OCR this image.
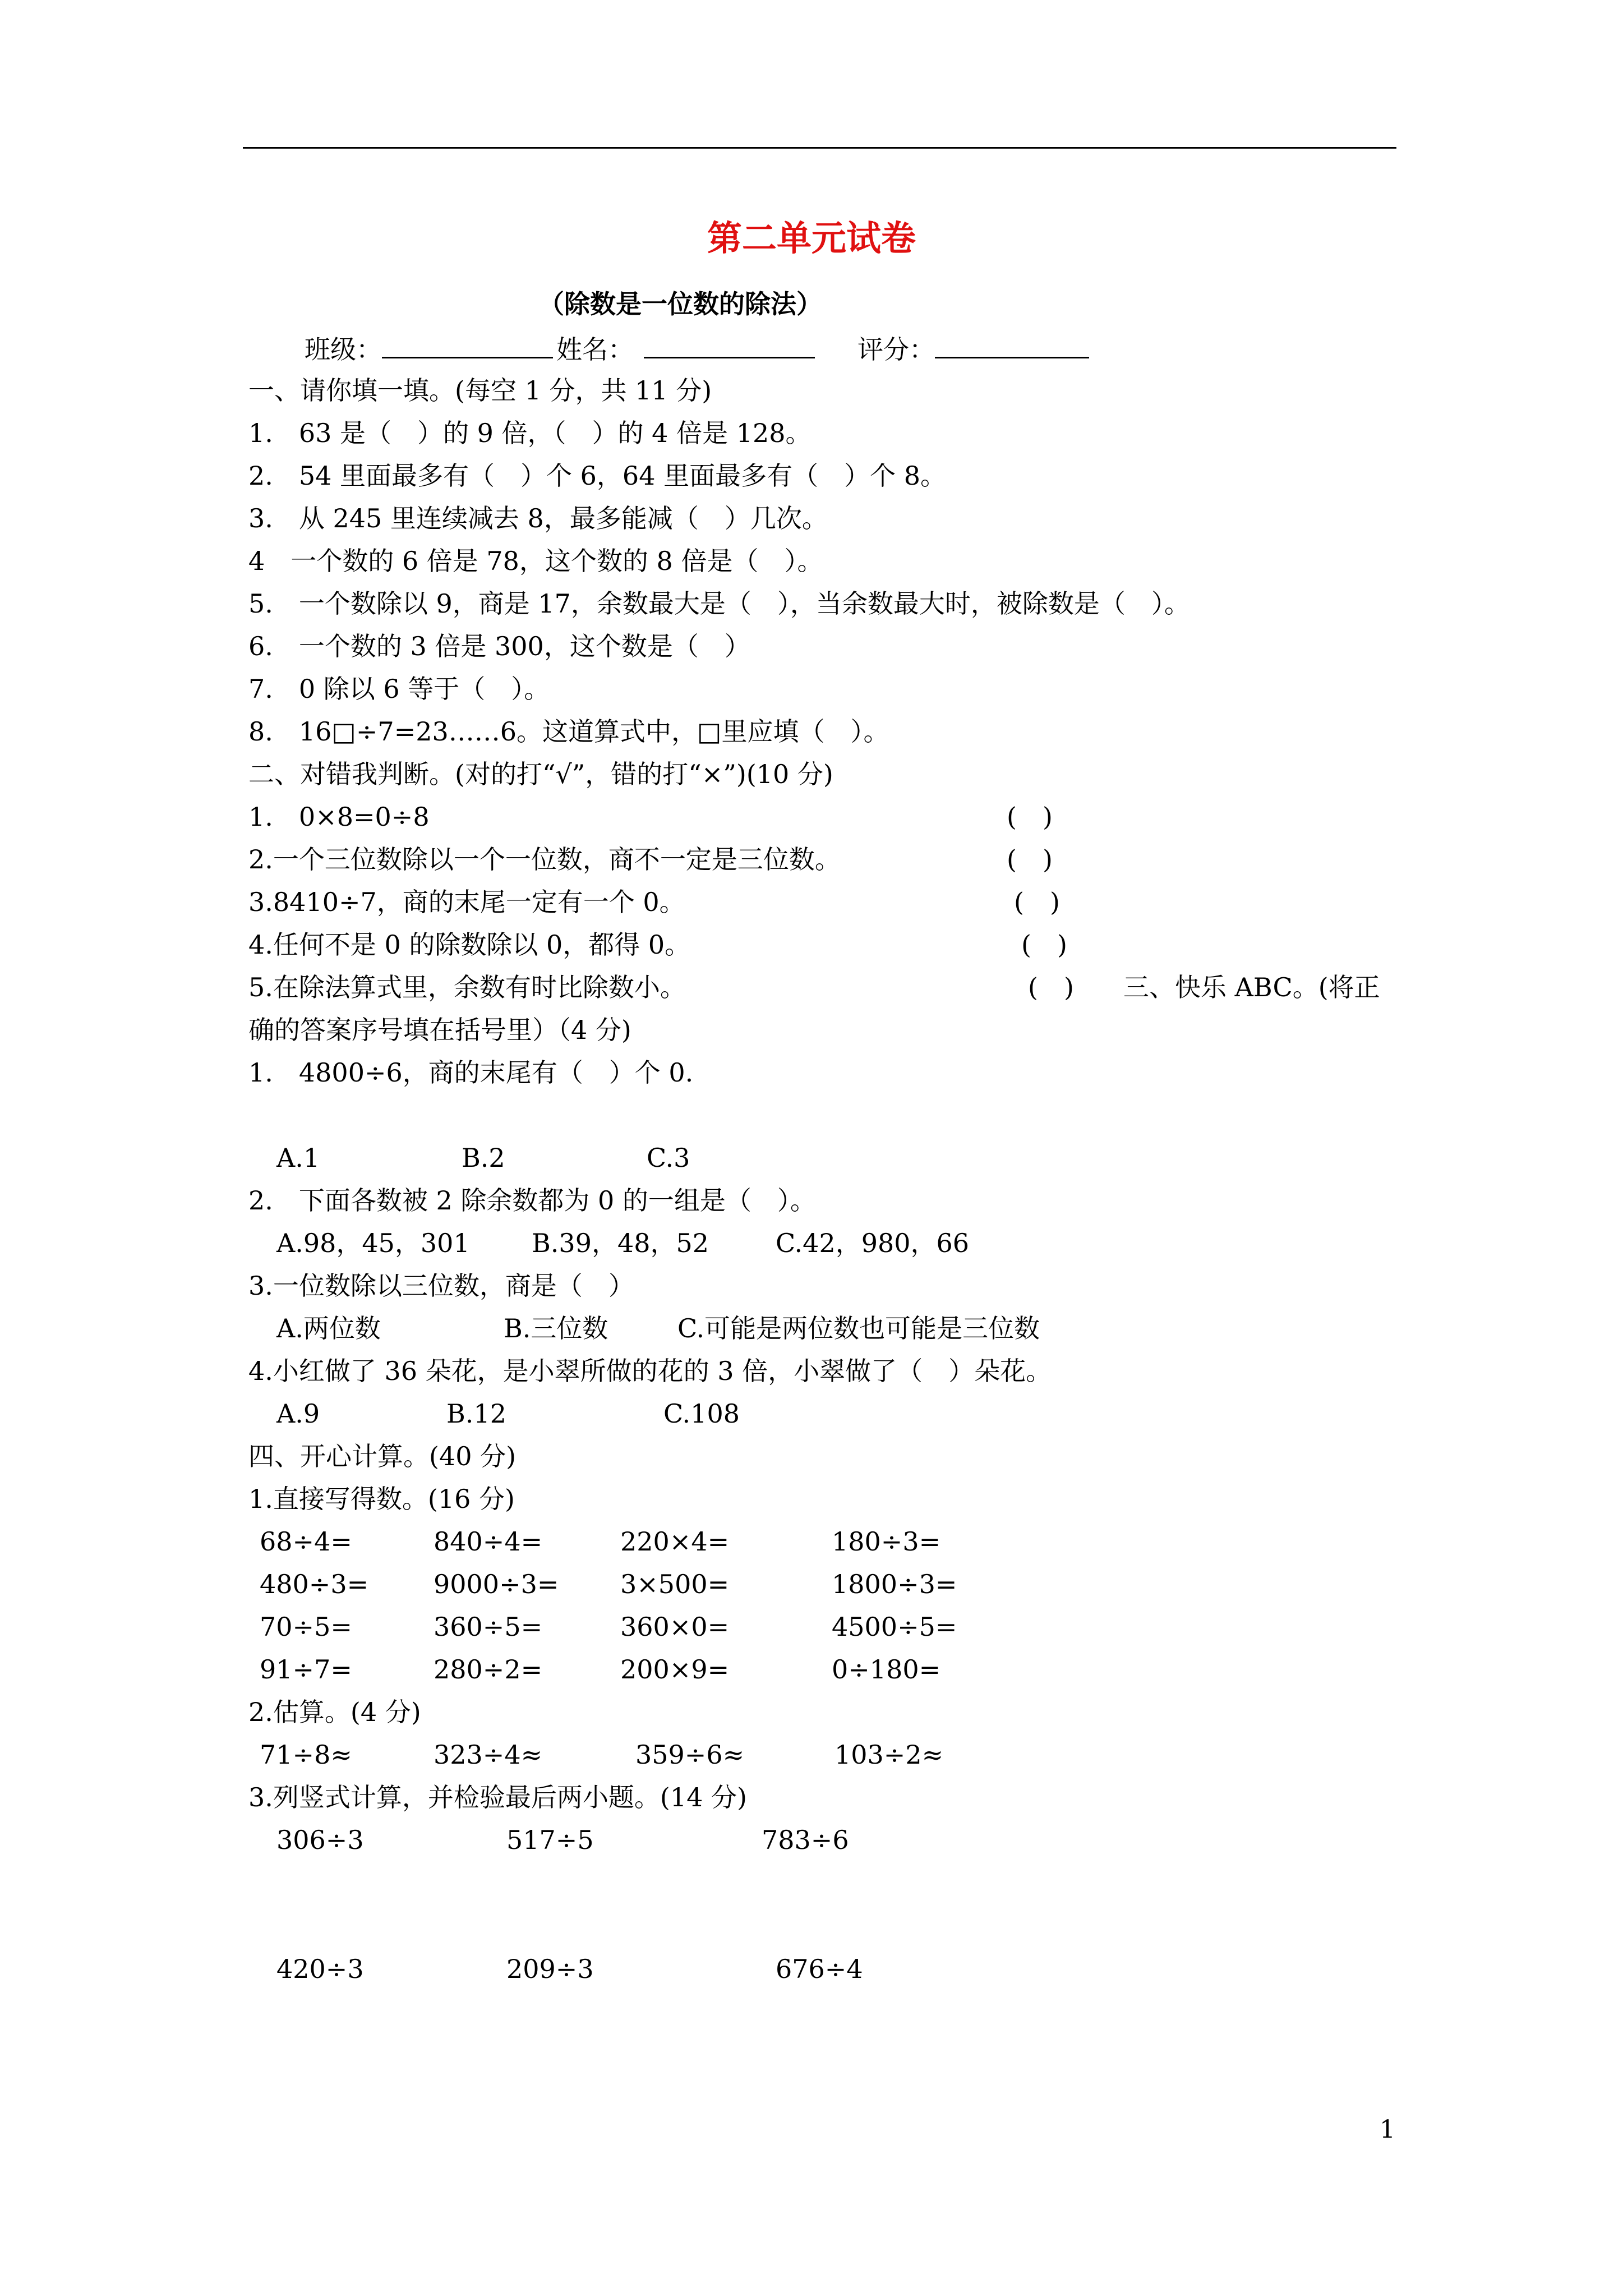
第二单元试卷
（除数是一位数的除法）
班级：	姓名：	评分：
一、请你填一填。(每空 1 分，共 11 分)
1.　63 是（　）的 9 倍，（　）的 4 倍是 128。
2.　54 里面最多有（　）个 6，64 里面最多有（　）个 8。
3.　从 245 里连续减去 8，最多能减（　）几次。
4　一个数的 6 倍是 78，这个数的 8 倍是（　）。
5.　一个数除以 9，商是 17，余数最大是（　），当余数最大时，被除数是（　）。
6.　一个数的 3 倍是 300，这个数是（　）
7.　0 除以 6 等于（　）。
8.　16□÷7=23……6。这道算式中，□里应填（　）。
二、对错我判断。(对的打“√”，错的打“×”)(10 分)
1.　0×8=0÷8	(　)
2.一个三位数除以一个一位数，商不一定是三位数。	(　)
3.8410÷7，商的末尾一定有一个 0。	(　)
4.任何不是 0 的除数除以 0，都得 0。	(　)
5.在除法算式里，余数有时比除数小。	(　) 三、快乐 ABC。(将正
确的答案序号填在括号里）（4 分)
1.　4800÷6，商的末尾有（　）个 0.
A.1	B.2	C.3
2.　下面各数被 2 除余数都为 0 的一组是（　）。
A.98，45，301 B.39，48，52	C.42，980，66
3.一位数除以三位数，商是（　）
A.两位数	B.三位数	C.可能是两位数也可能是三位数
4.小红做了 36 朵花，是小翠所做的花的 3 倍，小翠做了（　）朵花。
A.9	B.12	C.108
四、开心计算。(40 分)
1.直接写得数。(16 分)
68÷4=	840÷4=	220×4=	180÷3=
480÷3=	9000÷3= 3×500=	1800÷3=
70÷5=	360÷5=	360×0=	4500÷5=
91÷7=	280÷2=	200×9=	0÷180=
2.估算。(4 分)
71÷8≈	323÷4≈	359÷6≈	103÷2≈
3.列竖式计算，并检验最后两小题。(14 分)
306÷3	517÷5	783÷6
420÷3	209÷3	676÷4
1
